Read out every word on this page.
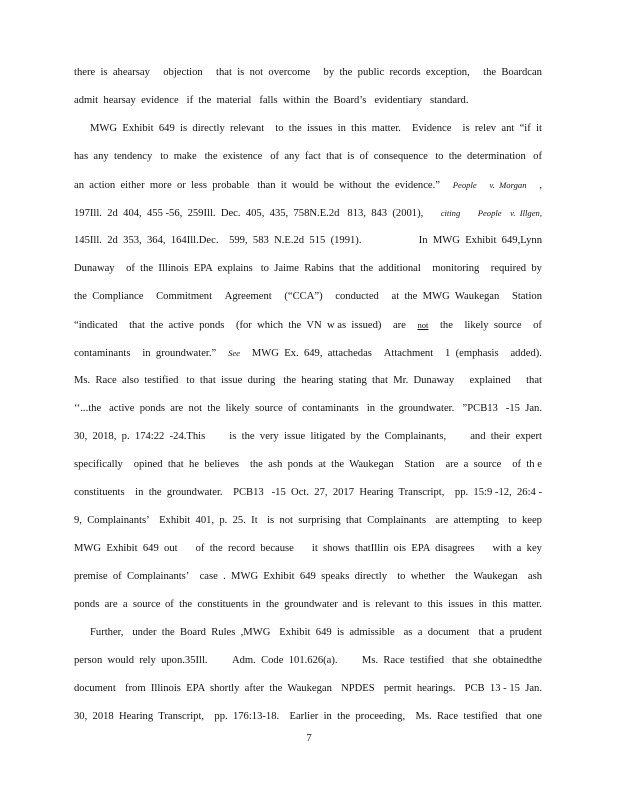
there  is  ahearsay objection that  is  not  overcome by  the  public  records  exception, the  Boardcan
admit  hearsay  evidence   if  the  material   falls  within  the  Board’s   evidentiary   standard.
MWG  Exhibit  649  is  directly  relevant to  the  issues  in  this  matter. Evidence is  relev  ant  “if  it
has  any  tendency   to  make   the  existence   of  any  fact  that  is  of  consequence to  the  determination of
an  action  either  more  or  less  probable   than  it  would  be  without  the  evidence.” People v.  Morgan ,
197Ill.  2d  404,  455 -56,  259Ill.  Dec.  405,  435,  758N.E.2d   813,  843  (2001), citing People    v.  Illgen,
145Ill.  2d  353,  364,  164Ill.Dec.    599,  583  N.E.2d  515  (1991).	In  MWG  Exhibit  649,Lynn
Dunaway of  the  Illinois  EPA  explains   to  Jaime  Rabins  that  the  additional monitoring required  by
the  Compliance Commitment Agreement (“CCA”) conducted at  the  MWG  Waukegan Station
“indicated that  the  active  ponds (for  which  the  VN  w as  issued) are not the likely  source of
contaminants in  groundwater.” See MWG  Ex.  649,  attachedas Attachment 1  (emphasis added).
Ms.  Race  also  testified   to  that  issue  during   the  hearing  stating  that  Mr.  Dunaway explained that
‘‘...the   active  ponds  are  not  the  likely  source  of  contaminants in  the  groundwater. ”PCB13   -15  Jan.
30,  2018,  p.  174:22  -24.This is  the  very  issue  litigated  by  the  Complainants, and  their  expert
specifically opined  that  he  believes the  ash  ponds  at  the  Waukegan Station are  a  source of  th e
constituents in  the  groundwater. PCB13   -15  Oct.  27,  2017  Hearing  Transcript, pp.  15:9 -12,  26:4 -
9,  Complainants’ Exhibit  401,  p.  25.  It is  not  surprising  that  Complainants are  attempting to  keep
MWG  Exhibit  649  out of  the  record  because it  shows  thatIllin  ois  EPA  disagrees with  a  key
premise  of  Complainants’ case  .  MWG  Exhibit  649  speaks  directly to  whether the  Waukegan ash
ponds  are  a  source of  the  constituents in  the  groundwater and  is  relevant to  this  issues  in  this  matter.
Further, under  the  Board  Rules  ,MWG Exhibit  649  is  admissible as  a  document that  a  prudent
person  would  rely  upon.35Ill. Adm.  Code  101.626(a). Ms.  Race  testified   that  she  obtainedthe
document from  Illinois  EPA  shortly  after  the  Waukegan NPDES permit  hearings. PCB  13 - 15  Jan.
30,  2018  Hearing  Transcript, pp.  176:13-18. Earlier  in  the  proceeding, Ms.  Race  testified   that  one
7
